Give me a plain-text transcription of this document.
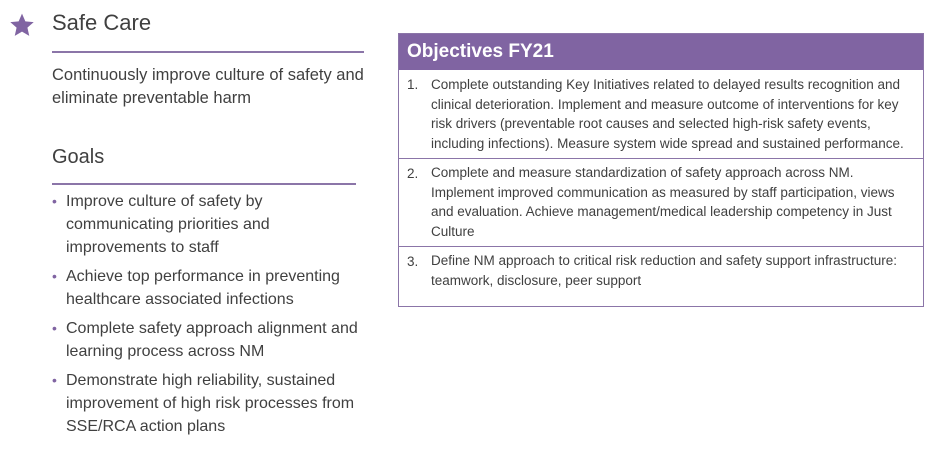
Safe Care
Continuously improve culture of safety and eliminate preventable harm
Goals
• Improve culture of safety by communicating priorities and improvements to staff
• Achieve top performance in preventing healthcare associated infections
• Complete safety approach alignment and learning process across NM
• Demonstrate high reliability, sustained improvement of high risk processes from SSE/RCA action plans
Objectives FY21
1. Complete outstanding Key Initiatives related to delayed results recognition and clinical deterioration. Implement and measure outcome of interventions for key risk drivers (preventable root causes and selected high-risk safety events, including infections). Measure system wide spread and sustained performance.
2. Complete and measure standardization of safety approach across NM. Implement improved communication as measured by staff participation, views and evaluation. Achieve management/medical leadership competency in Just Culture
3. Define NM approach to critical risk reduction and safety support infrastructure: teamwork, disclosure, peer support
